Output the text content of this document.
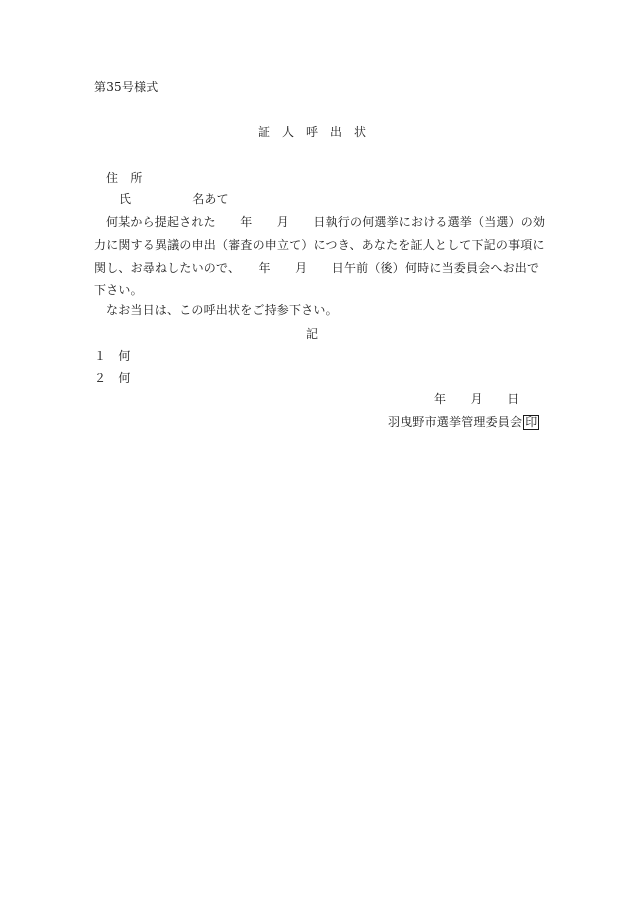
第35号様式
証　人　呼　出　状
住　所
氏　　　　　名あて
何某から提起された　　年　　月　　日執行の何選挙における選挙（当選）の効
力に関する異議の申出（審査の申立て）につき、あなたを証人として下記の事項に
関し、お尋ねしたいので、　　年　　月　　日午前（後）何時に当委員会へお出で
下さい。
なお当日は、この呼出状をご持参下さい。
記
１　何
２　何
年　　月　　日
羽曳野市選挙管理委員会 印
